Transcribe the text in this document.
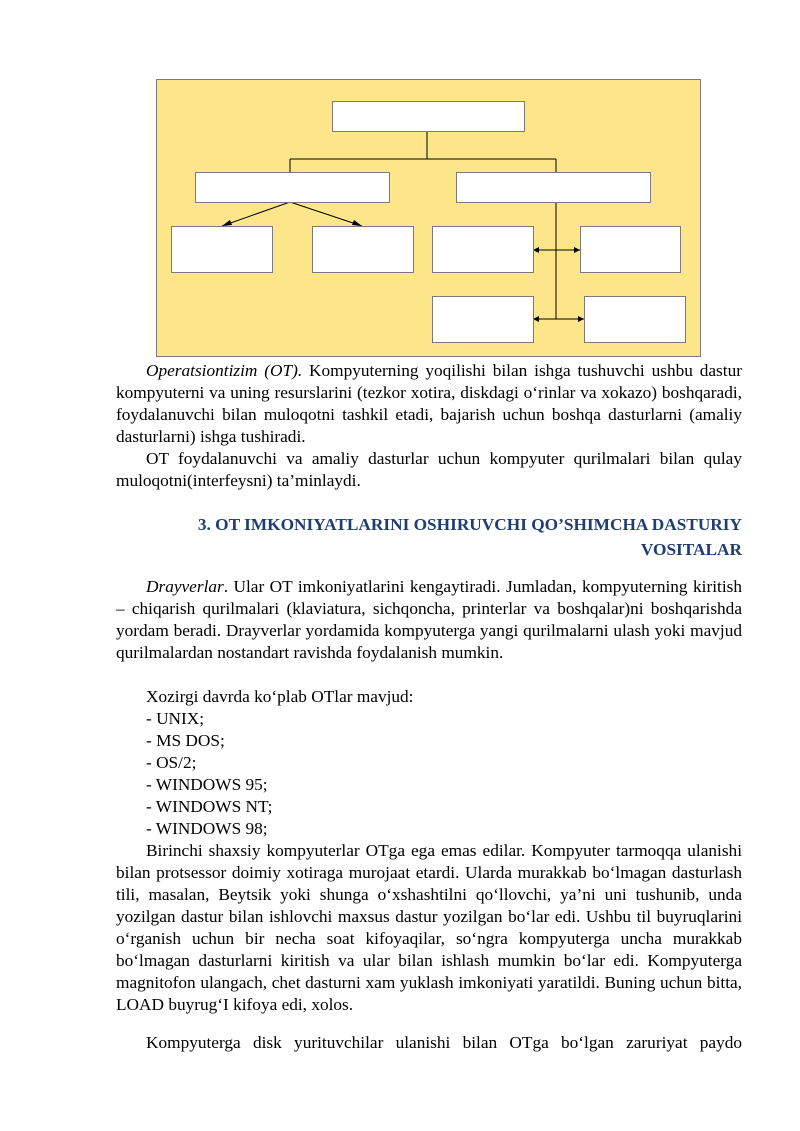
Operatsiontizim (OT). Kompyuterning yoqilishi bilan ishga tushuvchi ushbu dastur kompyuterni va uning resurslarini (tezkor xotira, diskdagi o‘rinlar va xokazo) boshqaradi, foydalanuvchi bilan muloqotni tashkil etadi, bajarish uchun boshqa dasturlarni (amaliy dasturlarni) ishga tushiradi.

OT foydalanuvchi va amaliy dasturlar uchun kompyuter qurilmalari bilan qulay muloqotni(interfeysni) ta’minlaydi.

3. OT IMKONIYATLARINI OSHIRUVCHI QO’SHIMCHA DASTURIY
VOSITALAR

Drayverlar. Ular OT imkoniyatlarini kengaytiradi. Jumladan, kompyuterning kiritish – chiqarish qurilmalari (klaviatura, sichqoncha, printerlar va boshqalar)ni boshqarishda yordam beradi. Drayverlar yordamida kompyuterga yangi qurilmalarni ulash yoki mavjud qurilmalardan nostandart ravishda foydalanish mumkin.

Xozirgi davrda ko‘plab OTlar mavjud:

- UNIX;

- MS DOS;

- OS/2;

- WINDOWS 95;

- WINDOWS NT;

- WINDOWS 98;

Birinchi shaxsiy kompyuterlar OTga ega emas edilar. Kompyuter tarmoqqa ulanishi bilan protsessor doimiy xotiraga murojaat etardi. Ularda murakkab bo‘lmagan dasturlash tili, masalan, Beytsik yoki shunga o‘xshashtilni qo‘llovchi, ya’ni uni tushunib, unda yozilgan dastur bilan ishlovchi maxsus dastur yozilgan bo‘lar edi. Ushbu til buyruqlarini o‘rganish uchun bir necha soat kifoyaqilar, so‘ngra kompyuterga uncha murakkab bo‘lmagan dasturlarni kiritish va ular bilan ishlash mumkin bo‘lar edi. Kompyuterga magnitofon ulangach, chet dasturni xam yuklash imkoniyati yaratildi. Buning uchun bitta, LOAD buyrug‘I kifoya edi, xolos.

Kompyuterga disk yurituvchilar ulanishi bilan OTga bo‘lgan zaruriyat paydo
